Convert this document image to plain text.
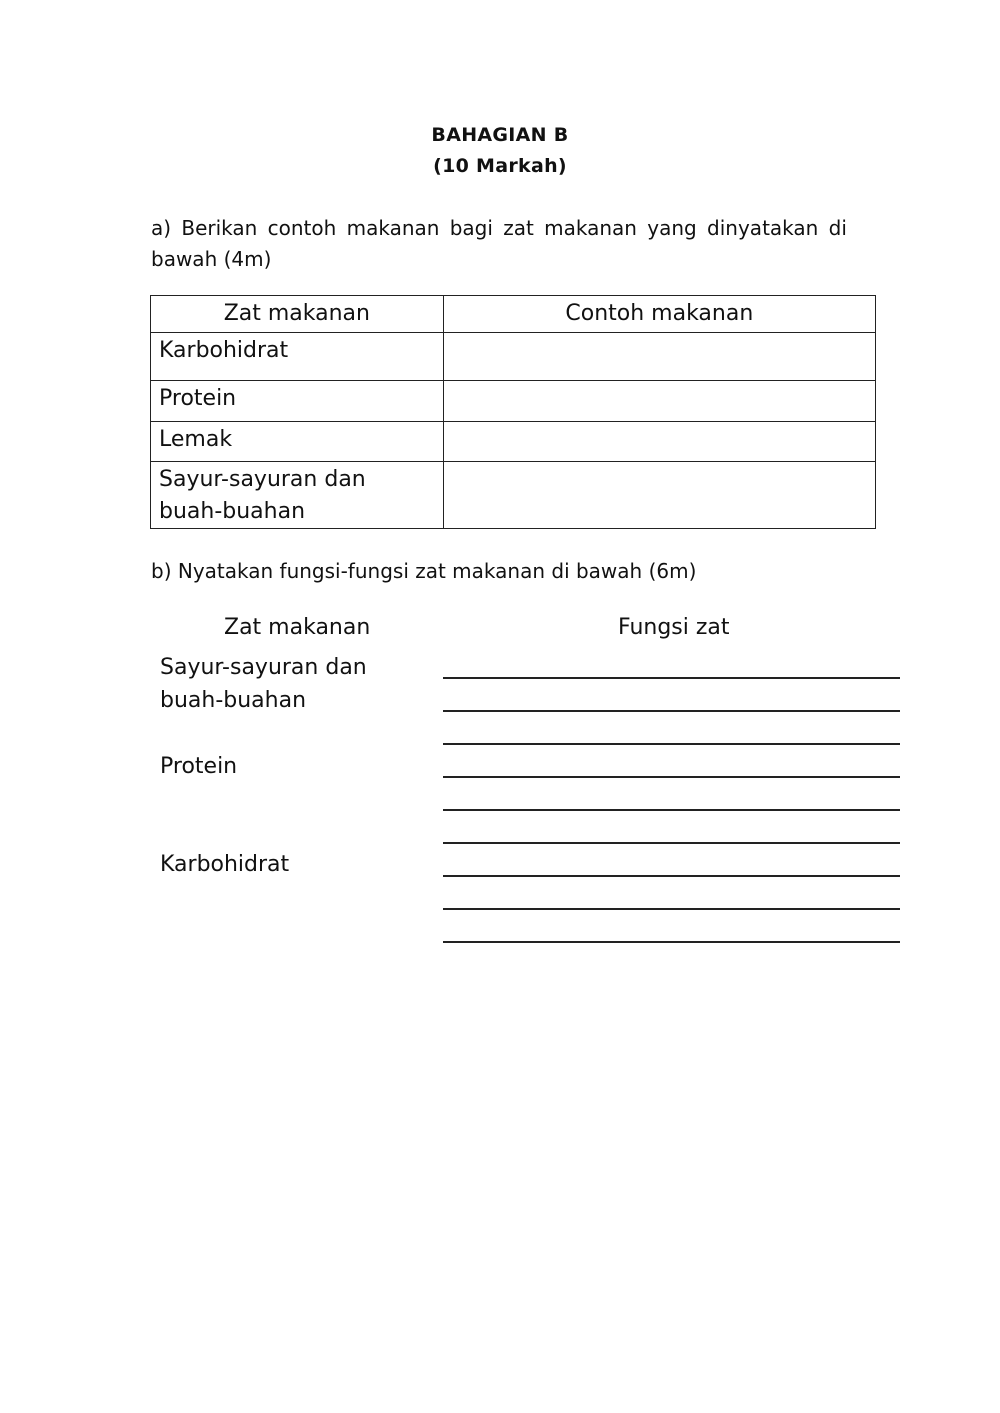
BAHAGIAN B
(10 Markah)
a) Berikan contoh makanan bagi zat makanan yang dinyatakan di
bawah (4m)
Zat makanan	Contoh makanan
Karbohidrat	
Protein	
Lemak	

Sayur-sayuran dan
buah-buahan	

b) Nyatakan fungsi-fungsi zat makanan di bawah (6m)
Zat makanan	Fungsi zat
Sayur-sayuran dan
buah-buahan
Protein
Karbohidrat
